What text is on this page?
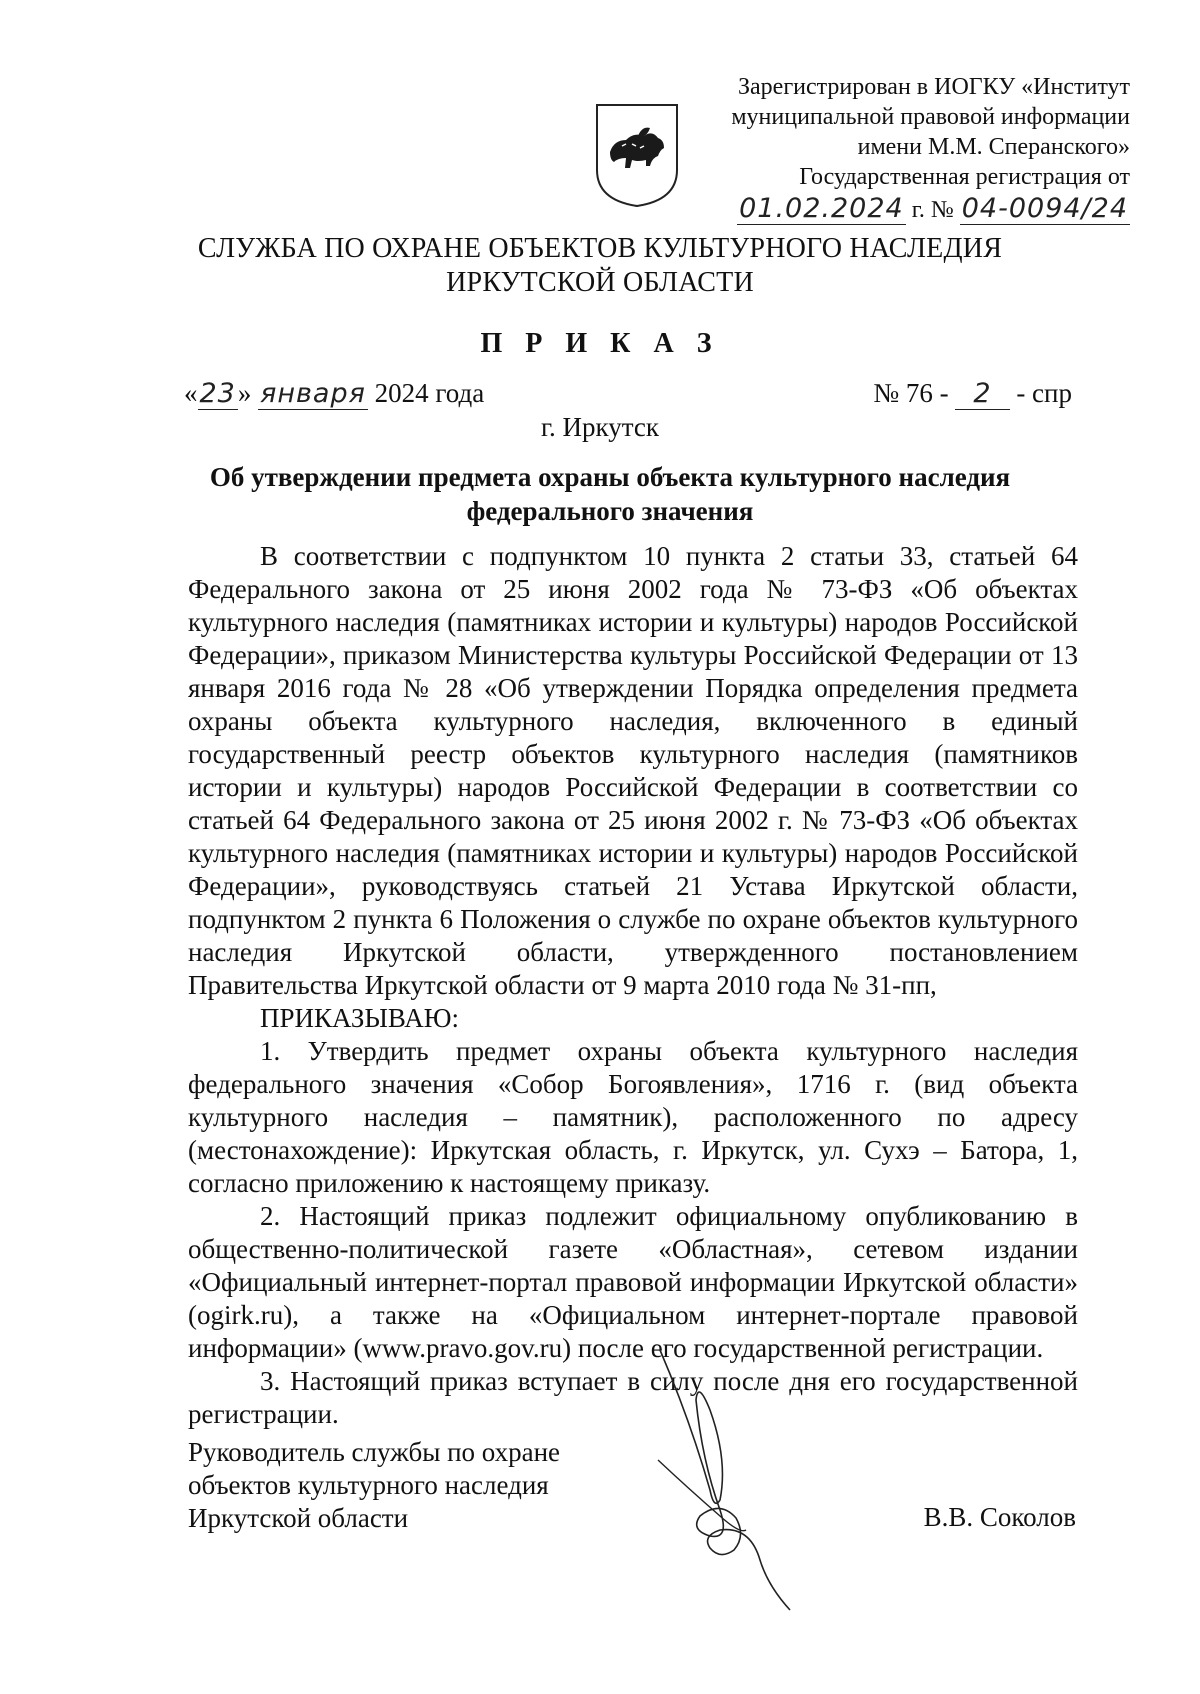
Зарегистрирован в ИОГКУ «Институт
муниципальной правовой информации
имени М.М. Сперанского»
Государственная регистрация от
01.02.2024 г. № 04-0094/24
СЛУЖБА ПО ОХРАНЕ ОБЪЕКТОВ КУЛЬТУРНОГО НАСЛЕДИЯ
ИРКУТСКОЙ ОБЛАСТИ
П Р И К А З
«23» января 2024 года	№ 76 - 2 - спр
г. Иркутск
Об утверждении предмета охраны объекта культурного наследия
федерального значения

В соответствии с подпунктом 10 пункта 2 статьи 33, статьей 64 Федерального закона от 25 июня 2002 года № 73-ФЗ «Об объектах культурного наследия (памятниках истории и культуры) народов Российской Федерации», приказом Министерства культуры Российской Федерации от 13 января 2016 года № 28 «Об утверждении Порядка определения предмета охраны объекта культурного наследия, включенного в единый государственный реестр объектов культурного наследия (памятников истории и культуры) народов Российской Федерации в соответствии со статьей 64 Федерального закона от 25 июня 2002 г. № 73-ФЗ «Об объектах культурного наследия (памятниках истории и культуры) народов Российской Федерации», руководствуясь статьей 21 Устава Иркутской области, подпунктом 2 пункта 6 Положения о службе по охране объектов культурного наследия Иркутской области, утвержденного постановлением Правительства Иркутской области от 9 марта 2010 года № 31-пп,

ПРИКАЗЫВАЮ:

1. Утвердить предмет охраны объекта культурного наследия федерального значения «Собор Богоявления», 1716 г. (вид объекта культурного наследия – памятник), расположенного по адресу (местонахождение): Иркутская область, г. Иркутск, ул. Сухэ – Батора, 1, согласно приложению к настоящему приказу.

2. Настоящий приказ подлежит официальному опубликованию в общественно-политической газете «Областная», сетевом издании «Официальный интернет-портал правовой информации Иркутской области» (ogirk.ru), а также на «Официальном интернет-портале правовой информации» (www.pravo.gov.ru) после его государственной регистрации.

3. Настоящий приказ вступает в силу после дня его государственной регистрации.

Руководитель службы по охране
объектов культурного наследия
Иркутской области	В.В. Соколов
